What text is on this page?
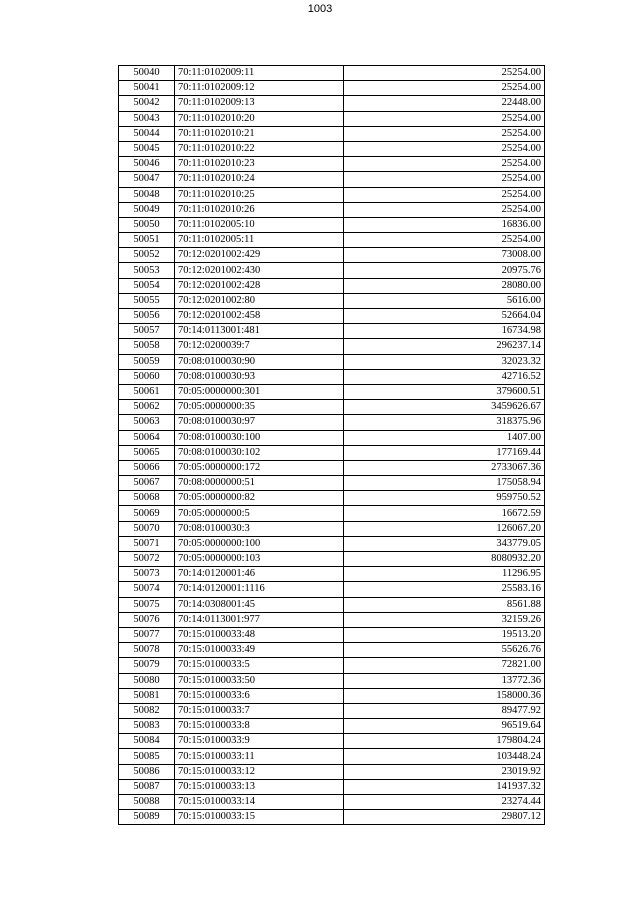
1003
50040	70:11:0102009:11	25254.00
50041	70:11:0102009:12	25254.00
50042	70:11:0102009:13	22448.00
50043	70:11:0102010:20	25254.00
50044	70:11:0102010:21	25254.00
50045	70:11:0102010:22	25254.00
50046	70:11:0102010:23	25254.00
50047	70:11:0102010:24	25254.00
50048	70:11:0102010:25	25254.00
50049	70:11:0102010:26	25254.00
50050	70:11:0102005:10	16836.00
50051	70:11:0102005:11	25254.00
50052	70:12:0201002:429	73008.00
50053	70:12:0201002:430	20975.76
50054	70:12:0201002:428	28080.00
50055	70:12:0201002:80	5616.00
50056	70:12:0201002:458	52664.04
50057	70:14:0113001:481	16734.98
50058	70:12:0200039:7	296237.14
50059	70:08:0100030:90	32023.32
50060	70:08:0100030:93	42716.52
50061	70:05:0000000:301	379600.51
50062	70:05:0000000:35	3459626.67
50063	70:08:0100030:97	318375.96
50064	70:08:0100030:100	1407.00
50065	70:08:0100030:102	177169.44
50066	70:05:0000000:172	2733067.36
50067	70:08:0000000:51	175058.94
50068	70:05:0000000:82	959750.52
50069	70:05:0000000:5	16672.59
50070	70:08:0100030:3	126067.20
50071	70:05:0000000:100	343779.05
50072	70:05:0000000:103	8080932.20
50073	70:14:0120001:46	11296.95
50074	70:14:0120001:1116	25583.16
50075	70:14:0308001:45	8561.88
50076	70:14:0113001:977	32159.26
50077	70:15:0100033:48	19513.20
50078	70:15:0100033:49	55626.76
50079	70:15:0100033:5	72821.00
50080	70:15:0100033:50	13772.36
50081	70:15:0100033:6	158000.36
50082	70:15:0100033:7	89477.92
50083	70:15:0100033:8	96519.64
50084	70:15:0100033:9	179804.24
50085	70:15:0100033:11	103448.24
50086	70:15:0100033:12	23019.92
50087	70:15:0100033:13	141937.32
50088	70:15:0100033:14	23274.44
50089	70:15:0100033:15	29807.12
